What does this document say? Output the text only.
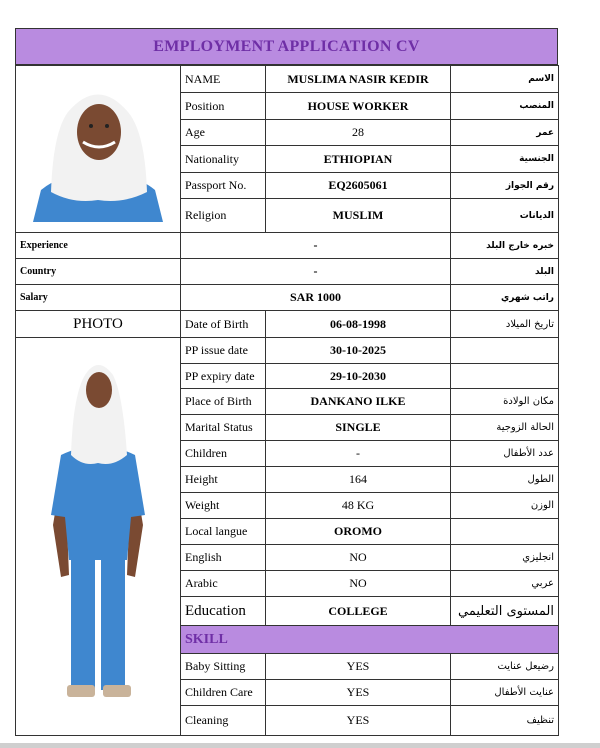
EMPLOYMENT APPLICATION CV
	NAME	MUSLIMA NASIR KEDIR	الاسم
	Position	HOUSE WORKER	المنصب
	Age	28	عمر
	Nationality	ETHIOPIAN	الجنسية
	Passport No.	EQ2605061	رقم الجواز
	Religion	MUSLIM	الديانات
Experience	-		خبره خارج البلد
Country	-		البلد
Salary	SAR 1000		راتب شهري
PHOTO	Date of Birth	06-08-1998	تاريخ الميلاد
	PP issue date	30-10-2025	
	PP expiry date	29-10-2030	
	Place of Birth	DANKANO ILKE	مكان الولادة
	Marital Status	SINGLE	الحالة الزوجية
	Children	-	عدد الأطفال
	Height	164	الطول
	Weight	48 KG	الوزن
	Local langue	OROMO	
	English	NO	انجليزي
	Arabic	NO	عربي
	Education	COLLEGE	المستوى التعليمي
	SKILL		
	Baby Sitting	YES	رضيعل عنايت
	Children Care	YES	عنايت الأطفال
	Cleaning	YES	تنظيف
